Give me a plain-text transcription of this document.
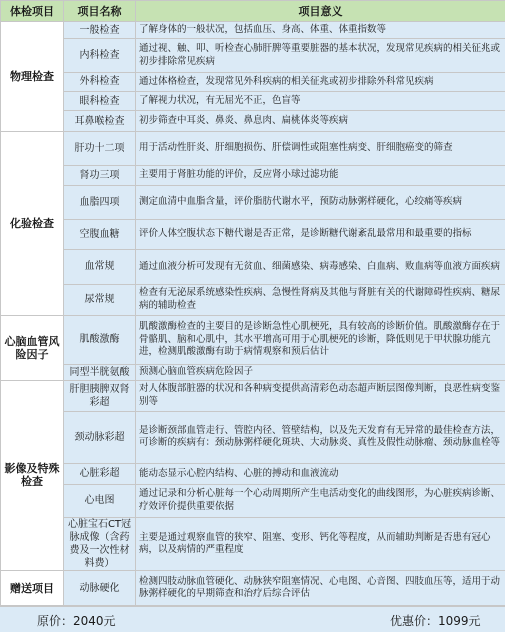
体检项目	项目名称	项目意义
物理检查	一般检查	了解身体的一般状况，包括血压、身高、体重、体重指数等
	内科检查	通过视、触、叩、听检查心肺肝脾等重要脏器的基本状况，发现常见疾病的相关征兆或初步排除常见疾病
	外科检查	通过体格检查，发现常见外科疾病的相关征兆或初步排除外科常见疾病
	眼科检查	了解视力状况，有无屈光不正，色盲等
	耳鼻喉检查	初步筛查中耳炎、鼻炎、鼻息肉、扁桃体炎等疾病
化验检查	肝功十二项	用于活动性肝炎、肝细胞损伤、肝偿调性或阻塞性病变、肝细胞癌变的筛查
	肾功三项	主要用于肾脏功能的评价，反应肾小球过滤功能
	血脂四项	测定血清中血脂含量，评价脂肪代谢水平，预防动脉粥样硬化，心绞痛等疾病
	空腹血糖	评价人体空腹状态下糖代谢是否正常，是诊断糖代谢紊乱最常用和最重要的指标
	血常规	通过血液分析可发现有无贫血、细菌感染、病毒感染、白血病、败血病等血液方面疾病
	尿常规	检查有无泌尿系统感染性疾病、急慢性肾病及其他与肾脏有关的代谢障碍性疾病、糖尿病的辅助检查
心脑血管风险因子	肌酸激酶	肌酸激酶检查的主要目的是诊断急性心肌梗死，具有较高的诊断价值。肌酸激酶存在于骨骼肌、脑和心肌中，其水平增高可用于心肌梗死的诊断，降低则见于甲状腺功能亢进，检测肌酸激酶有助于病情观察和预后估计
	同型半胱氨酸	预测心脑血管疾病危险因子
影像及特殊检查	肝胆胰脾双肾彩超	对人体腹部脏器的状况和各种病变提供高清彩色动态超声断层图像判断，良恶性病变鉴别等
	颈动脉彩超	是诊断颈部血管走行、管腔内径、管壁结构，以及先天发育有无异常的最佳检查方法，可诊断的疾病有：颈动脉粥样硬化斑块、大动脉炎、真性及假性动脉瘤、颈动脉血栓等
	心脏彩超	能动态显示心腔内结构、心脏的搏动和血液流动
	心电图	通过记录和分析心脏每一个心动周期所产生电活动变化的曲线图形，为心脏疾病诊断、疗效评价提供重要依据
	心脏宝石CT冠脉成像（含药费及一次性材料费）	主要是通过观察血管的狭窄、阻塞、变形、钙化等程度，从而辅助判断是否患有冠心病，以及病情的严重程度
赠送项目	动脉硬化	检测四肢动脉血管硬化、动脉狭窄阻塞情况、心电图、心音图、四肢血压等，适用于动脉粥样硬化的早期筛查和治疗后综合评估
原价：2040元	优惠价：1099元
